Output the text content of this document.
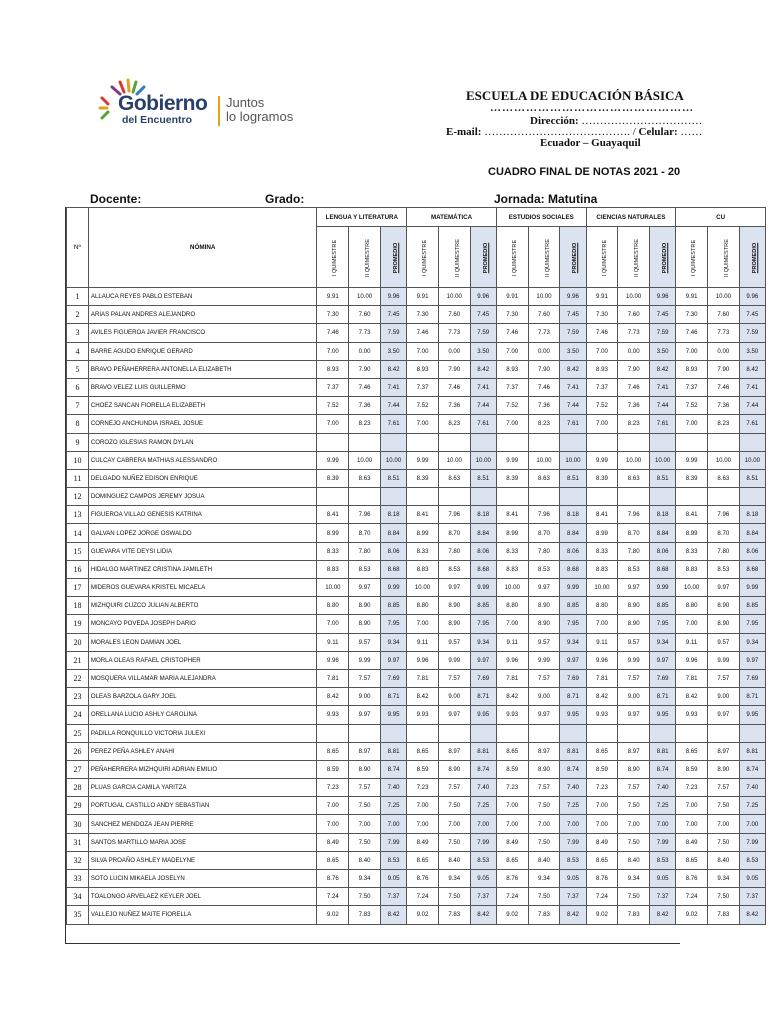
Gobierno
del Encuentro
Juntos
lo logramos
ESCUELA DE EDUCACIÓN BÁSICA
……………………………………………
Dirección: ……………………………
E-mail: …………………………………. / Celular: ……
Ecuador – Guayaquil
CUADRO FINAL DE NOTAS 2021 - 20
Docente:	Grado:	Jornada: Matutina
Nº	NÓMINA	LENGUA Y LITERATURA			MATEMÁTICA			ESTUDIOS SOCIALES			CIENCIAS NATURALES			CU		
		I QUIMESTRE	II QUIMESTRE	PROMEDIO	I QUIMESTRE	II QUIMESTRE	PROMEDIO	I QUIMESTRE	II QUIMESTRE	PROMEDIO	I QUIMESTRE	II QUIMESTRE	PROMEDIO	I QUIMESTRE	II QUIMESTRE	PROMEDIO
1	ALLAUCA REYES PABLO ESTEBAN	9.91	10.00	9.96	9.91	10.00	9.96	9.91	10.00	9.96	9.91	10.00	9.96	9.91	10.00	9.96
2	ARIAS PALAN ANDRES ALEJANDRO	7.30	7.60	7.45	7.30	7.60	7.45	7.30	7.60	7.45	7.30	7.60	7.45	7.30	7.60	7.45
3	AVILES FIGUEROA JAVIER FRANCISCO	7.46	7.73	7.59	7.46	7.73	7.59	7.46	7.73	7.59	7.46	7.73	7.59	7.46	7.73	7.59
4	BARRE AGUDO ENRIQUE GERARD	7.00	0.00	3.50	7.00	0.00	3.50	7.00	0.00	3.50	7.00	0.00	3.50	7.00	0.00	3.50
5	BRAVO PEÑAHERRERA ANTONELLA ELIZABETH	8.93	7.90	8.42	8.93	7.90	8.42	8.93	7.90	8.42	8.93	7.90	8.42	8.93	7.90	8.42
6	BRAVO VELEZ LUIS GUILLERMO	7.37	7.46	7.41	7.37	7.46	7.41	7.37	7.46	7.41	7.37	7.46	7.41	7.37	7.46	7.41
7	CHOEZ SANCAN FIORELLA ELIZABETH	7.52	7.36	7.44	7.52	7.36	7.44	7.52	7.36	7.44	7.52	7.36	7.44	7.52	7.36	7.44
8	CORNEJO ANCHUNDIA ISRAEL JOSUE	7.00	8.23	7.61	7.00	8.23	7.61	7.00	8.23	7.61	7.00	8.23	7.61	7.00	8.23	7.61
9	COROZO IGLESIAS RAMON DYLAN															
10	CULCAY CABRERA MATHIAS ALESSANDRO	9.99	10.00	10.00	9.99	10.00	10.00	9.99	10.00	10.00	9.99	10.00	10.00	9.99	10.00	10.00
11	DELGADO NUÑEZ EDISON ENRIQUE	8.39	8.63	8.51	8.39	8.63	8.51	8.39	8.63	8.51	8.39	8.63	8.51	8.39	8.63	8.51
12	DOMINGUEZ CAMPOS JEREMY JOSUA															
13	FIGUEROA VILLAO GENESIS KATRINA	8.41	7.96	8.18	8.41	7.96	8.18	8.41	7.96	8.18	8.41	7.96	8.18	8.41	7.96	8.18
14	GALVAN LOPEZ JORGE OSWALDO	8.99	8.70	8.84	8.99	8.70	8.84	8.99	8.70	8.84	8.99	8.70	8.84	8.99	8.70	8.84
15	GUEVARA VITE DEYSI LIDIA	8.33	7.80	8.06	8.33	7.80	8.06	8.33	7.80	8.06	8.33	7.80	8.06	8.33	7.80	8.06
16	HIDALGO MARTINEZ CRISTINA JAMILETH	8.83	8.53	8.68	8.83	8.53	8.68	8.83	8.53	8.68	8.83	8.53	8.68	8.83	8.53	8.68
17	MIDEROS GUEVARA KRISTEL MICAELA	10.00	9.97	9.99	10.00	9.97	9.99	10.00	9.97	9.99	10.00	9.97	9.99	10.00	9.97	9.99
18	MIZHQUIRI CUZCO JULIAN ALBERTO	8.80	8.90	8.85	8.80	8.90	8.85	8.80	8.90	8.85	8.80	8.90	8.85	8.80	8.90	8.85
19	MONCAYO POVEDA JOSEPH DARIO	7.00	8.90	7.95	7.00	8.90	7.95	7.00	8.90	7.95	7.00	8.90	7.95	7.00	8.90	7.95
20	MORALES LEON DAMIAN JOEL	9.11	9.57	9.34	9.11	9.57	9.34	9.11	9.57	9.34	9.11	9.57	9.34	9.11	9.57	9.34
21	MORLA OLEAS RAFAEL CRISTOPHER	9.96	9.99	9.97	9.96	9.99	9.97	9.96	9.99	9.97	9.96	9.99	9.97	9.96	9.99	9.97
22	MOSQUERA VILLAMAR MARIA ALEJANDRA	7.81	7.57	7.69	7.81	7.57	7.69	7.81	7.57	7.69	7.81	7.57	7.69	7.81	7.57	7.69
23	OLEAS BARZOLA GARY JOEL	8.42	9.00	8.71	8.42	9.00	8.71	8.42	9.00	8.71	8.42	9.00	8.71	8.42	9.00	8.71
24	ORELLANA LUCIO ASHLY CAROLINA	9.93	9.97	9.95	9.93	9.97	9.95	9.93	9.97	9.95	9.93	9.97	9.95	9.93	9.97	9.95
25	PADILLA RONQUILLO VICTORIA JULEXI															
26	PEREZ PEÑA ASHLEY ANAHI	8.65	8.97	8.81	8.65	8.97	8.81	8.65	8.97	8.81	8.65	8.97	8.81	8.65	8.97	8.81
27	PEÑAHERRERA MIZHQUIRI ADRIAN EMILIO	8.59	8.90	8.74	8.59	8.90	8.74	8.59	8.90	8.74	8.59	8.90	8.74	8.59	8.90	8.74
28	PLUAS GARCIA CAMILA YARITZA	7.23	7.57	7.40	7.23	7.57	7.40	7.23	7.57	7.40	7.23	7.57	7.40	7.23	7.57	7.40
29	PORTUGAL CASTILLO ANDY SEBASTIAN	7.00	7.50	7.25	7.00	7.50	7.25	7.00	7.50	7.25	7.00	7.50	7.25	7.00	7.50	7.25
30	SANCHEZ MENDOZA JEAN PIERRE	7.00	7.00	7.00	7.00	7.00	7.00	7.00	7.00	7.00	7.00	7.00	7.00	7.00	7.00	7.00
31	SANTOS MARTILLO MARIA JOSE	8.49	7.50	7.99	8.49	7.50	7.99	8.49	7.50	7.99	8.49	7.50	7.99	8.49	7.50	7.99
32	SILVA PROAÑO ASHLEY MADELYNE	8.65	8.40	8.53	8.65	8.40	8.53	8.65	8.40	8.53	8.65	8.40	8.53	8.65	8.40	8.53
33	SOTO LUCIN MIKAELA JOSELYN	8.76	9.34	9.05	8.76	9.34	9.05	8.76	9.34	9.05	8.76	9.34	9.05	8.76	9.34	9.05
34	TOALONGO ARVELAEZ KEYLER JOEL	7.24	7.50	7.37	7.24	7.50	7.37	7.24	7.50	7.37	7.24	7.50	7.37	7.24	7.50	7.37
35	VALLEJO NUÑEZ MAITE FIORELLA	9.02	7.83	8.42	9.02	7.83	8.42	9.02	7.83	8.42	9.02	7.83	8.42	9.02	7.83	8.42
